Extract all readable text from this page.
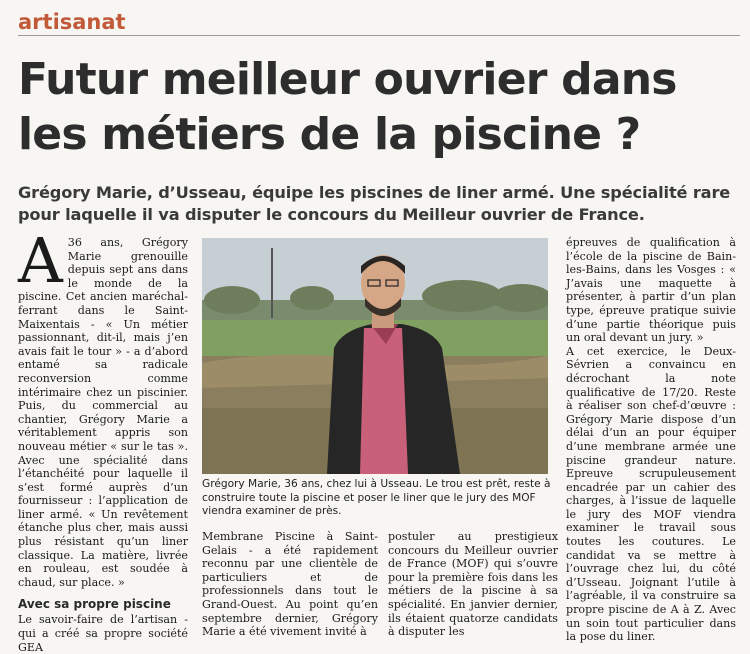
artisanat
Futur meilleur ouvrier dans les métiers de la piscine ?

Grégory Marie, d’Usseau, équipe les piscines de liner armé. Une spécialité rare pour laquelle il va disputer le concours du Meilleur ouvrier de France.

A 36 ans, Grégory Marie grenouille depuis sept ans dans le monde de la piscine. Cet ancien maréchal-ferrant dans le Saint-Maixentais - « Un métier passionnant, dit-il, mais j’en avais fait le tour » - a d’abord entamé sa radicale reconversion comme intérimaire chez un piscinier. Puis, du commercial au chantier, Grégory Marie a véritablement appris son nouveau métier « sur le tas ». Avec une spécialité dans l’étanchéité pour laquelle il s’est formé auprès d’un fournisseur : l’application de liner armé. « Un revêtement étanche plus cher, mais aussi plus résistant qu’un liner classique. La matière, livrée en rouleau, est soudée à chaud, sur place. »

Avec sa propre piscine

Le savoir-faire de l’artisan - qui a créé sa propre société GEA

Grégory Marie, 36 ans, chez lui à Usseau. Le trou est prêt, reste à construire toute la piscine et poser le liner que le jury des MOF viendra examiner de près.

Membrane Piscine à Saint-Gelais - a été rapidement reconnu par une clientèle de particuliers et de professionnels dans tout le Grand-Ouest. Au point qu’en septembre dernier, Grégory Marie a été vivement invité à

postuler au prestigieux concours du Meilleur ouvrier de France (MOF) qui s’ouvre pour la première fois dans les métiers de la piscine à sa spécialité. En janvier dernier, ils étaient quatorze candidats à disputer les

épreuves de qualification à l’école de la piscine de Bain-les-Bains, dans les Vosges : « J’avais une maquette à présenter, à partir d’un plan type, épreuve pratique suivie d’une partie théorique puis un oral devant un jury. »

A cet exercice, le Deux-Sévrien a convaincu en décrochant la note qualificative de 17/20. Reste à réaliser son chef-d’œuvre : Grégory Marie dispose d’un délai d’un an pour équiper d’une membrane armée une piscine grandeur nature. Epreuve scrupuleusement encadrée par un cahier des charges, à l’issue de laquelle le jury des MOF viendra examiner le travail sous toutes les coutures. Le candidat va se mettre à l’ouvrage chez lui, du côté d’Usseau. Joignant l’utile à l’agréable, il va construire sa propre piscine de A à Z. Avec un soin tout particulier dans la pose du liner.
